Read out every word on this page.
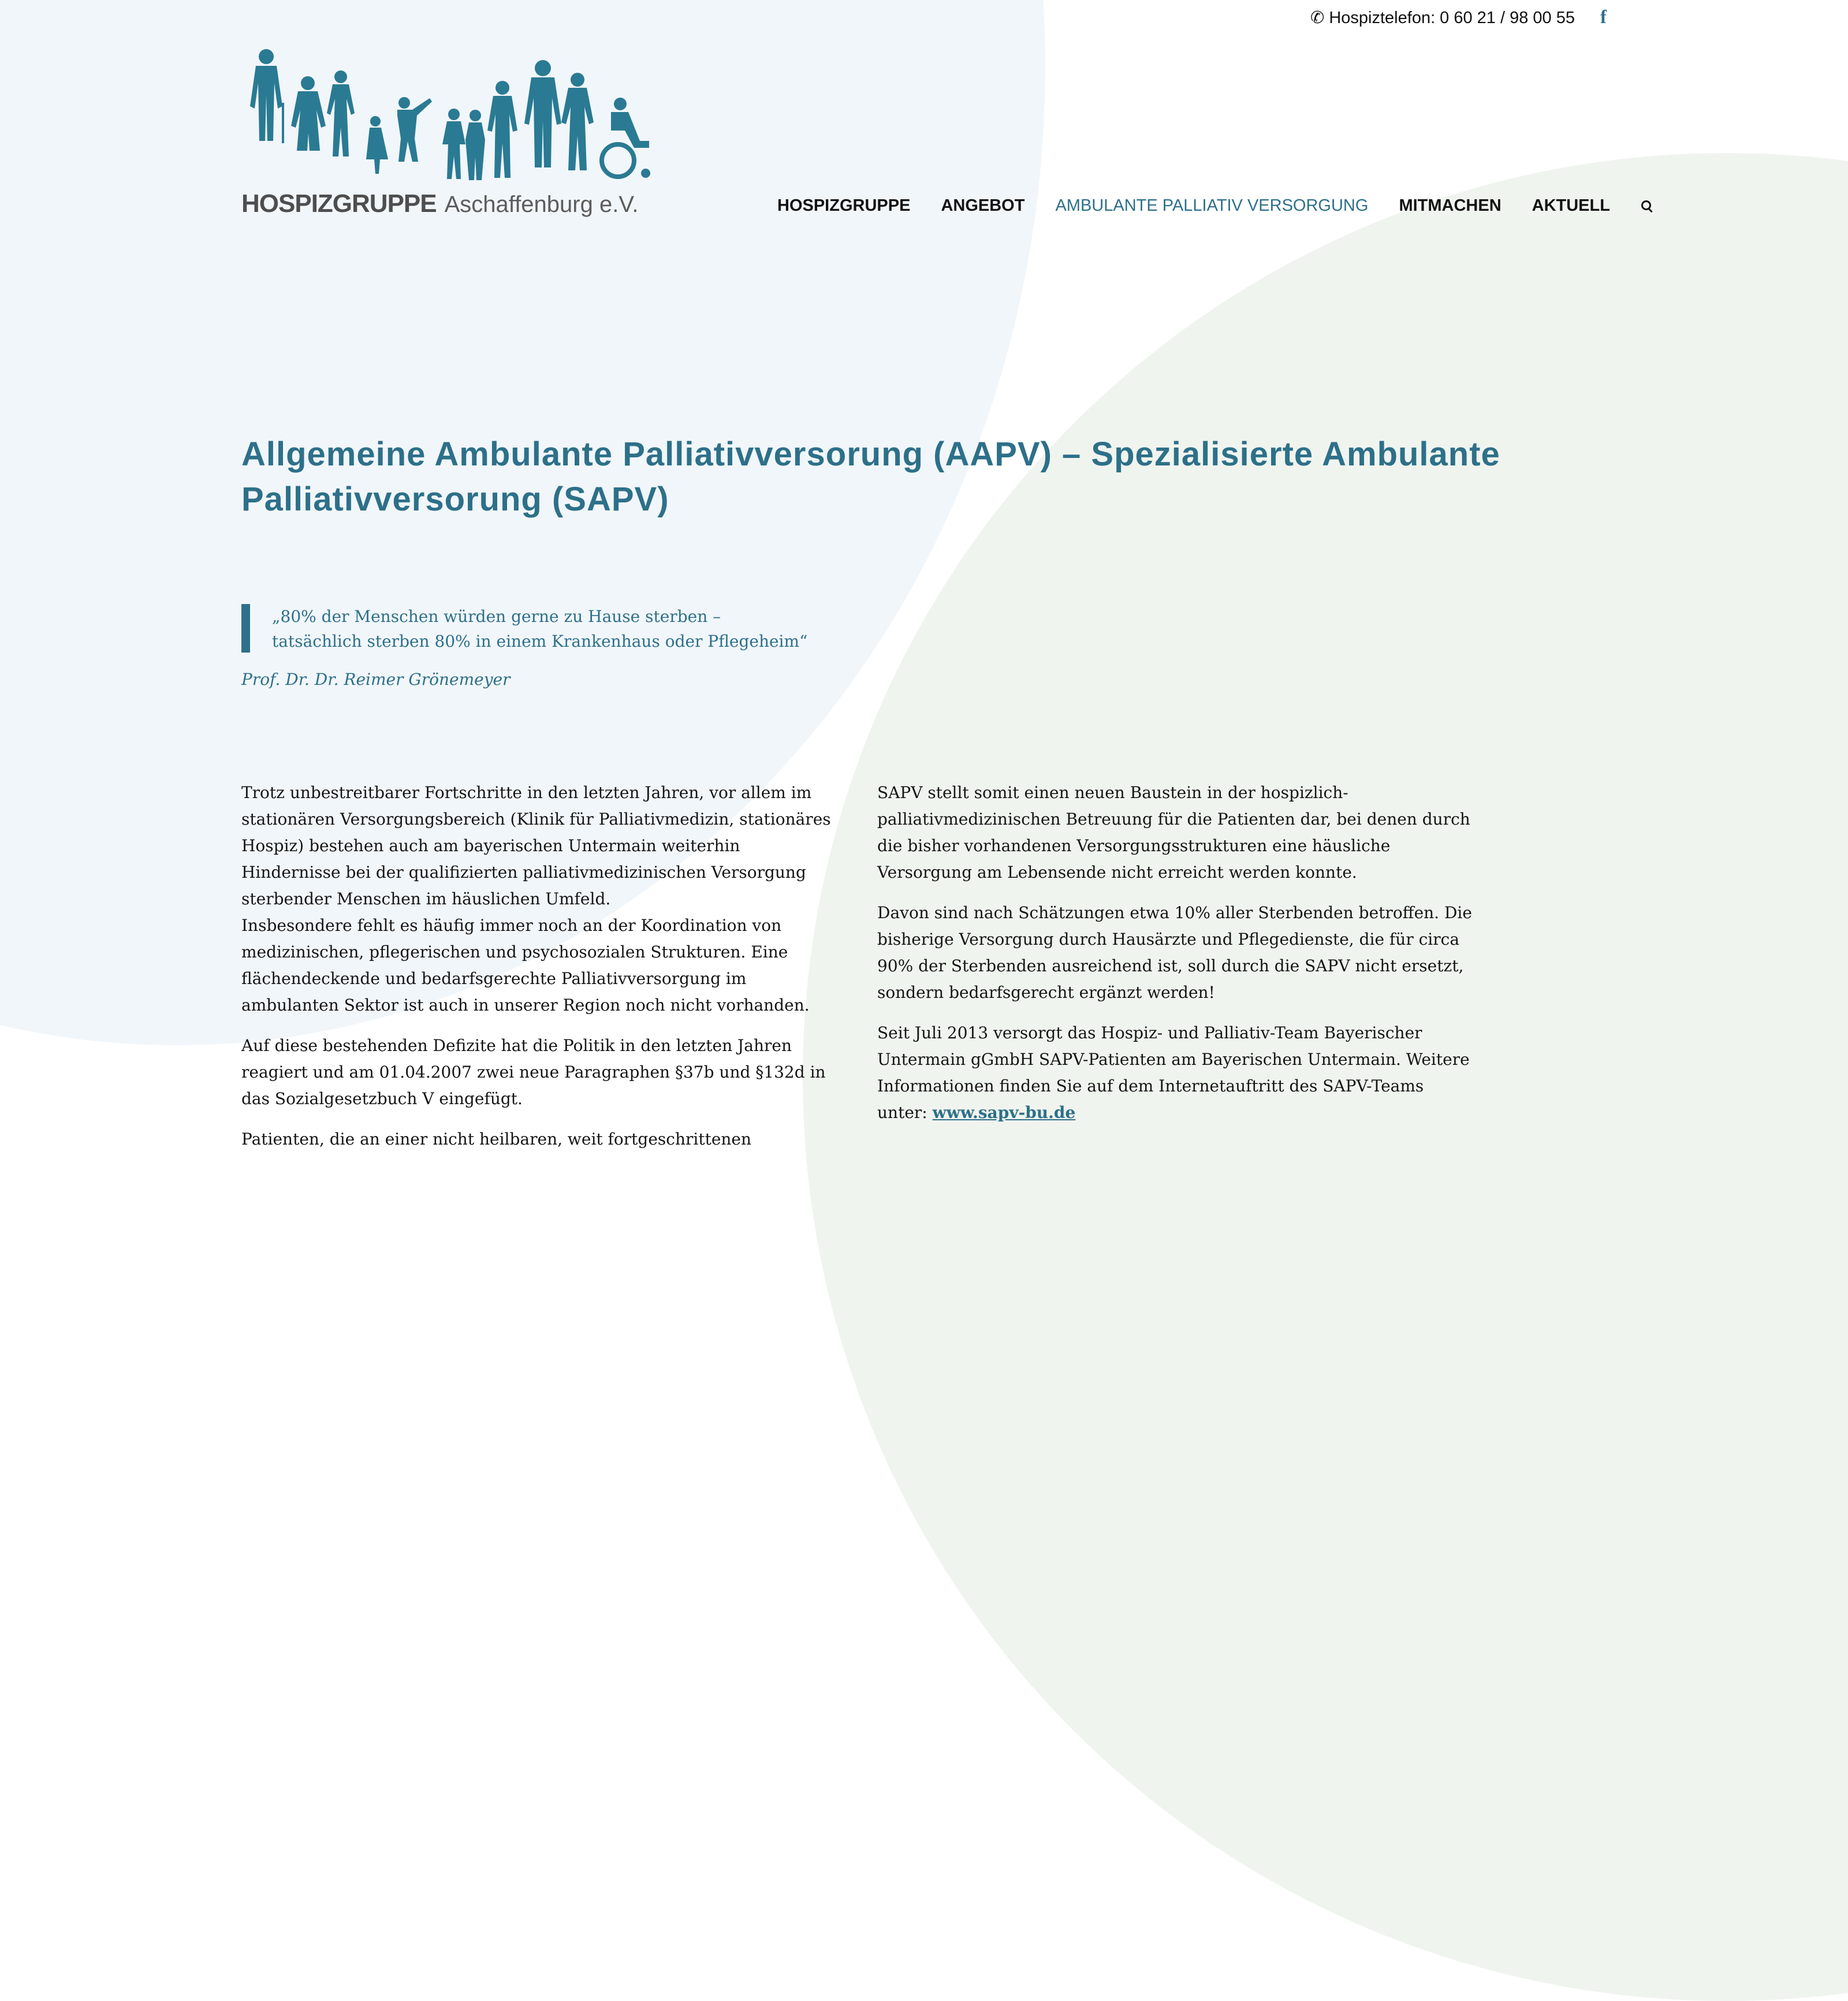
✆ Hospiztelefon: 0 60 21 / 98 00 55 f
HOSPIZGRUPPE Aschaffenburg e.V.	HOSPIZGRUPPE ANGEBOT AMBULANTE PALLIATIV VERSORGUNG MITMACHEN AKTUELL
Allgemeine Ambulante Palliativversorung (AAPV) – Spezialisierte Ambulante
Palliativversorung (SAPV)
„80% der Menschen würden gerne zu Hause sterben –
tatsächlich sterben 80% in einem Krankenhaus oder Pflegeheim“
Prof. Dr. Dr. Reimer Grönemeyer

Trotz unbestreitbarer Fortschritte in den letzten Jahren, vor allem im
stationären Versorgungsbereich (Klinik für Palliativmedizin, stationäres
Hospiz) bestehen auch am bayerischen Untermain weiterhin
Hindernisse bei der qualifizierten palliativmedizinischen Versorgung
sterbender Menschen im häuslichen Umfeld.
Insbesondere fehlt es häufig immer noch an der Koordination von
medizinischen, pflegerischen und psychosozialen Strukturen. Eine
flächendeckende und bedarfsgerechte Palliativversorgung im
ambulanten Sektor ist auch in unserer Region noch nicht vorhanden.

Auf diese bestehenden Defizite hat die Politik in den letzten Jahren
reagiert und am 01.04.2007 zwei neue Paragraphen §37b und §132d in
das Sozialgesetzbuch V eingefügt.

Patienten, die an einer nicht heilbaren, weit fortgeschrittenen

SAPV stellt somit einen neuen Baustein in der hospizlich-
palliativmedizinischen Betreuung für die Patienten dar, bei denen durch
die bisher vorhandenen Versorgungsstrukturen eine häusliche
Versorgung am Lebensende nicht erreicht werden konnte.

Davon sind nach Schätzungen etwa 10% aller Sterbenden betroffen. Die
bisherige Versorgung durch Hausärzte und Pflegedienste, die für circa
90% der Sterbenden ausreichend ist, soll durch die SAPV nicht ersetzt,
sondern bedarfsgerecht ergänzt werden!

Seit Juli 2013 versorgt das Hospiz- und Palliativ-Team Bayerischer
Untermain gGmbH SAPV-Patienten am Bayerischen Untermain. Weitere
Informationen finden Sie auf dem Internetauftritt des SAPV-Teams
unter: www.sapv-bu.de
